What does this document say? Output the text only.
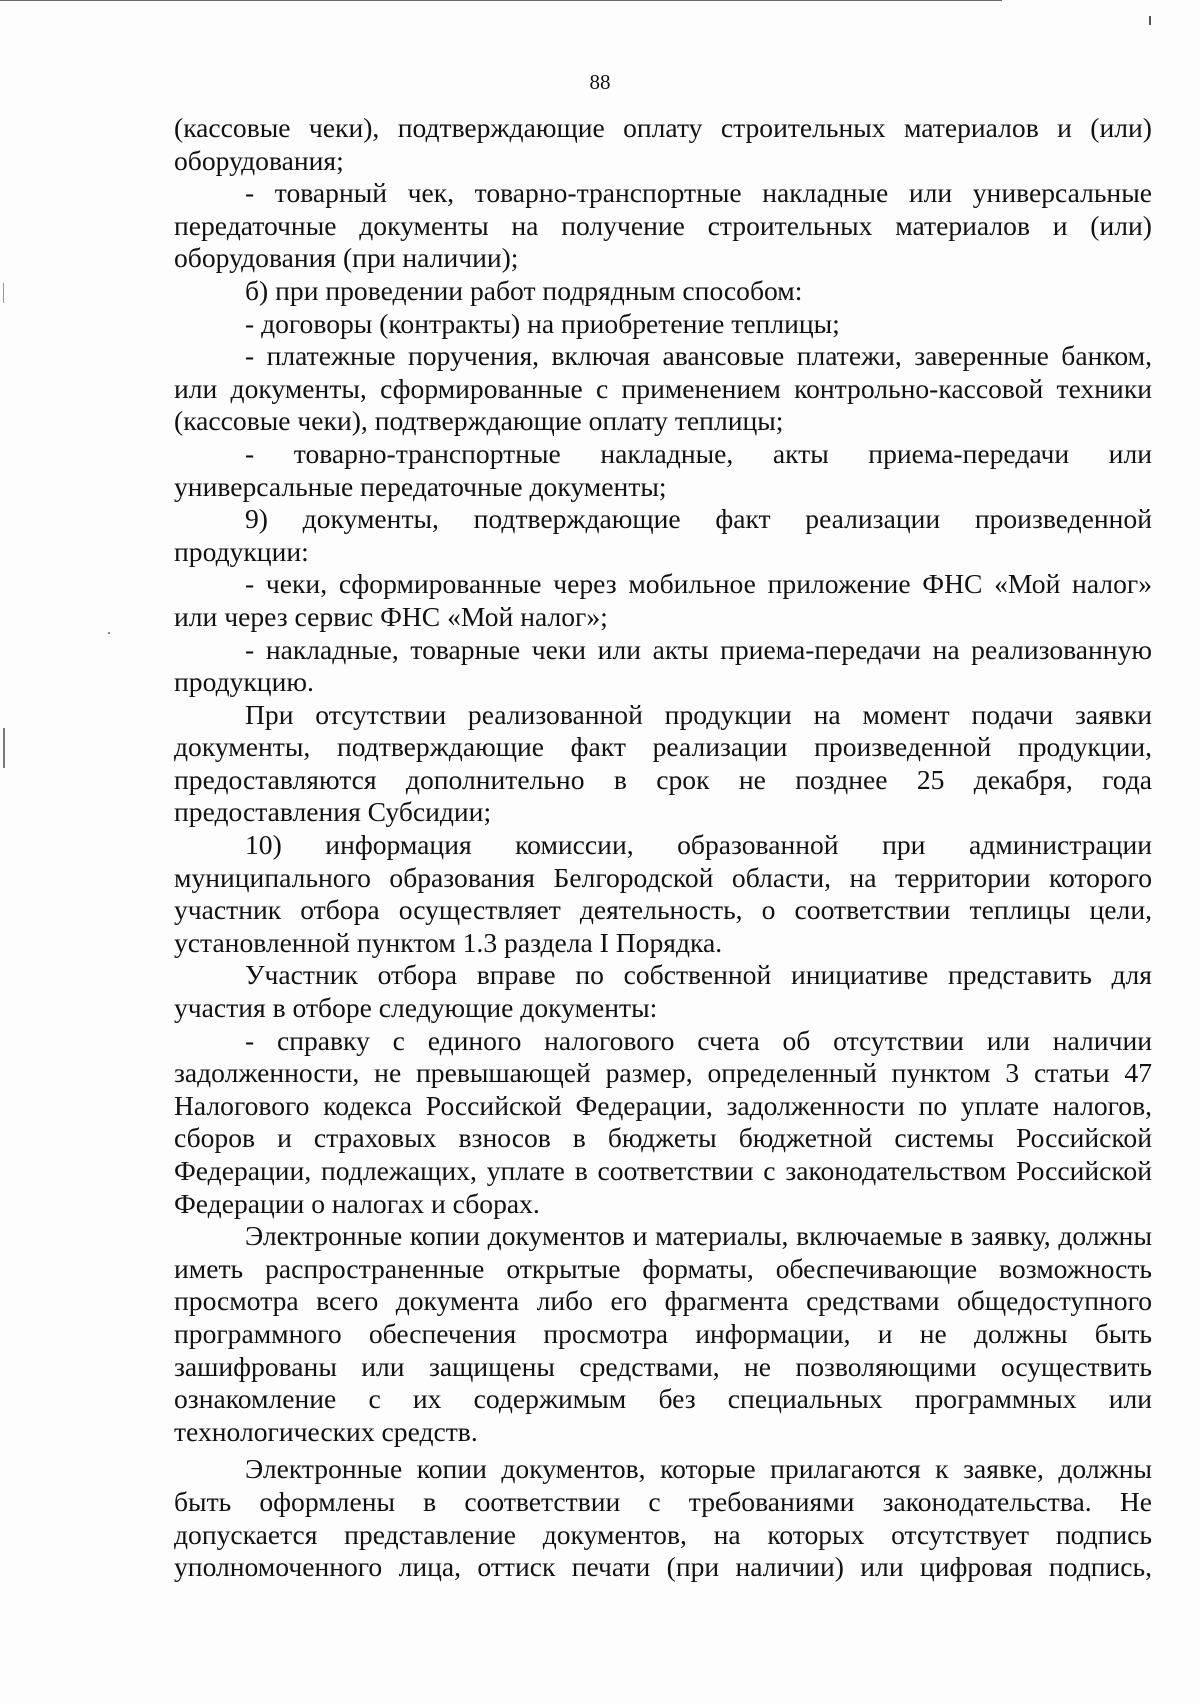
88

(кассовые чеки), подтверждающие оплату строительных материалов и (или) оборудования;

- товарный чек, товарно-транспортные накладные или универсальные передаточные документы на получение строительных материалов и (или) оборудования (при наличии);

б) при проведении работ подрядным способом:

- договоры (контракты) на приобретение теплицы;

- платежные поручения, включая авансовые платежи, заверенные банком, или документы, сформированные с применением контрольно-кассовой техники (кассовые чеки), подтверждающие оплату теплицы;

- товарно-транспортные накладные, акты приема-передачи или универсальные передаточные документы;

9) документы, подтверждающие факт реализации произведенной продукции:

- чеки, сформированные через мобильное приложение ФНС «Мой налог» или через сервис ФНС «Мой налог»;

- накладные, товарные чеки или акты приема-передачи на реализованную продукцию.

При отсутствии реализованной продукции на момент подачи заявки документы, подтверждающие факт реализации произведенной продукции, предоставляются дополнительно в срок не позднее 25 декабря, года предоставления Субсидии;

10) информация комиссии, образованной при администрации муниципального образования Белгородской области, на территории которого участник отбора осуществляет деятельность, о соответствии теплицы цели, установленной пунктом 1.3 раздела I Порядка.

Участник отбора вправе по собственной инициативе представить для участия в отборе следующие документы:

- справку с единого налогового счета об отсутствии или наличии задолженности, не превышающей размер, определенный пунктом 3 статьи 47 Налогового кодекса Российской Федерации, задолженности по уплате налогов, сборов и страховых взносов в бюджеты бюджетной системы Российской Федерации, подлежащих, уплате в соответствии с законодательством Российской Федерации о налогах и сборах.

Электронные копии документов и материалы, включаемые в заявку, должны иметь распространенные открытые форматы, обеспечивающие возможность просмотра всего документа либо его фрагмента средствами общедоступного программного обеспечения просмотра информации, и не должны быть зашифрованы или защищены средствами, не позволяющими осуществить ознакомление с их содержимым без специальных программных или технологических средств.

Электронные копии документов, которые прилагаются к заявке, должны быть оформлены в соответствии с требованиями законодательства. Не допускается представление документов, на которых отсутствует подпись уполномоченного лица, оттиск печати (при наличии) или цифровая подпись,
